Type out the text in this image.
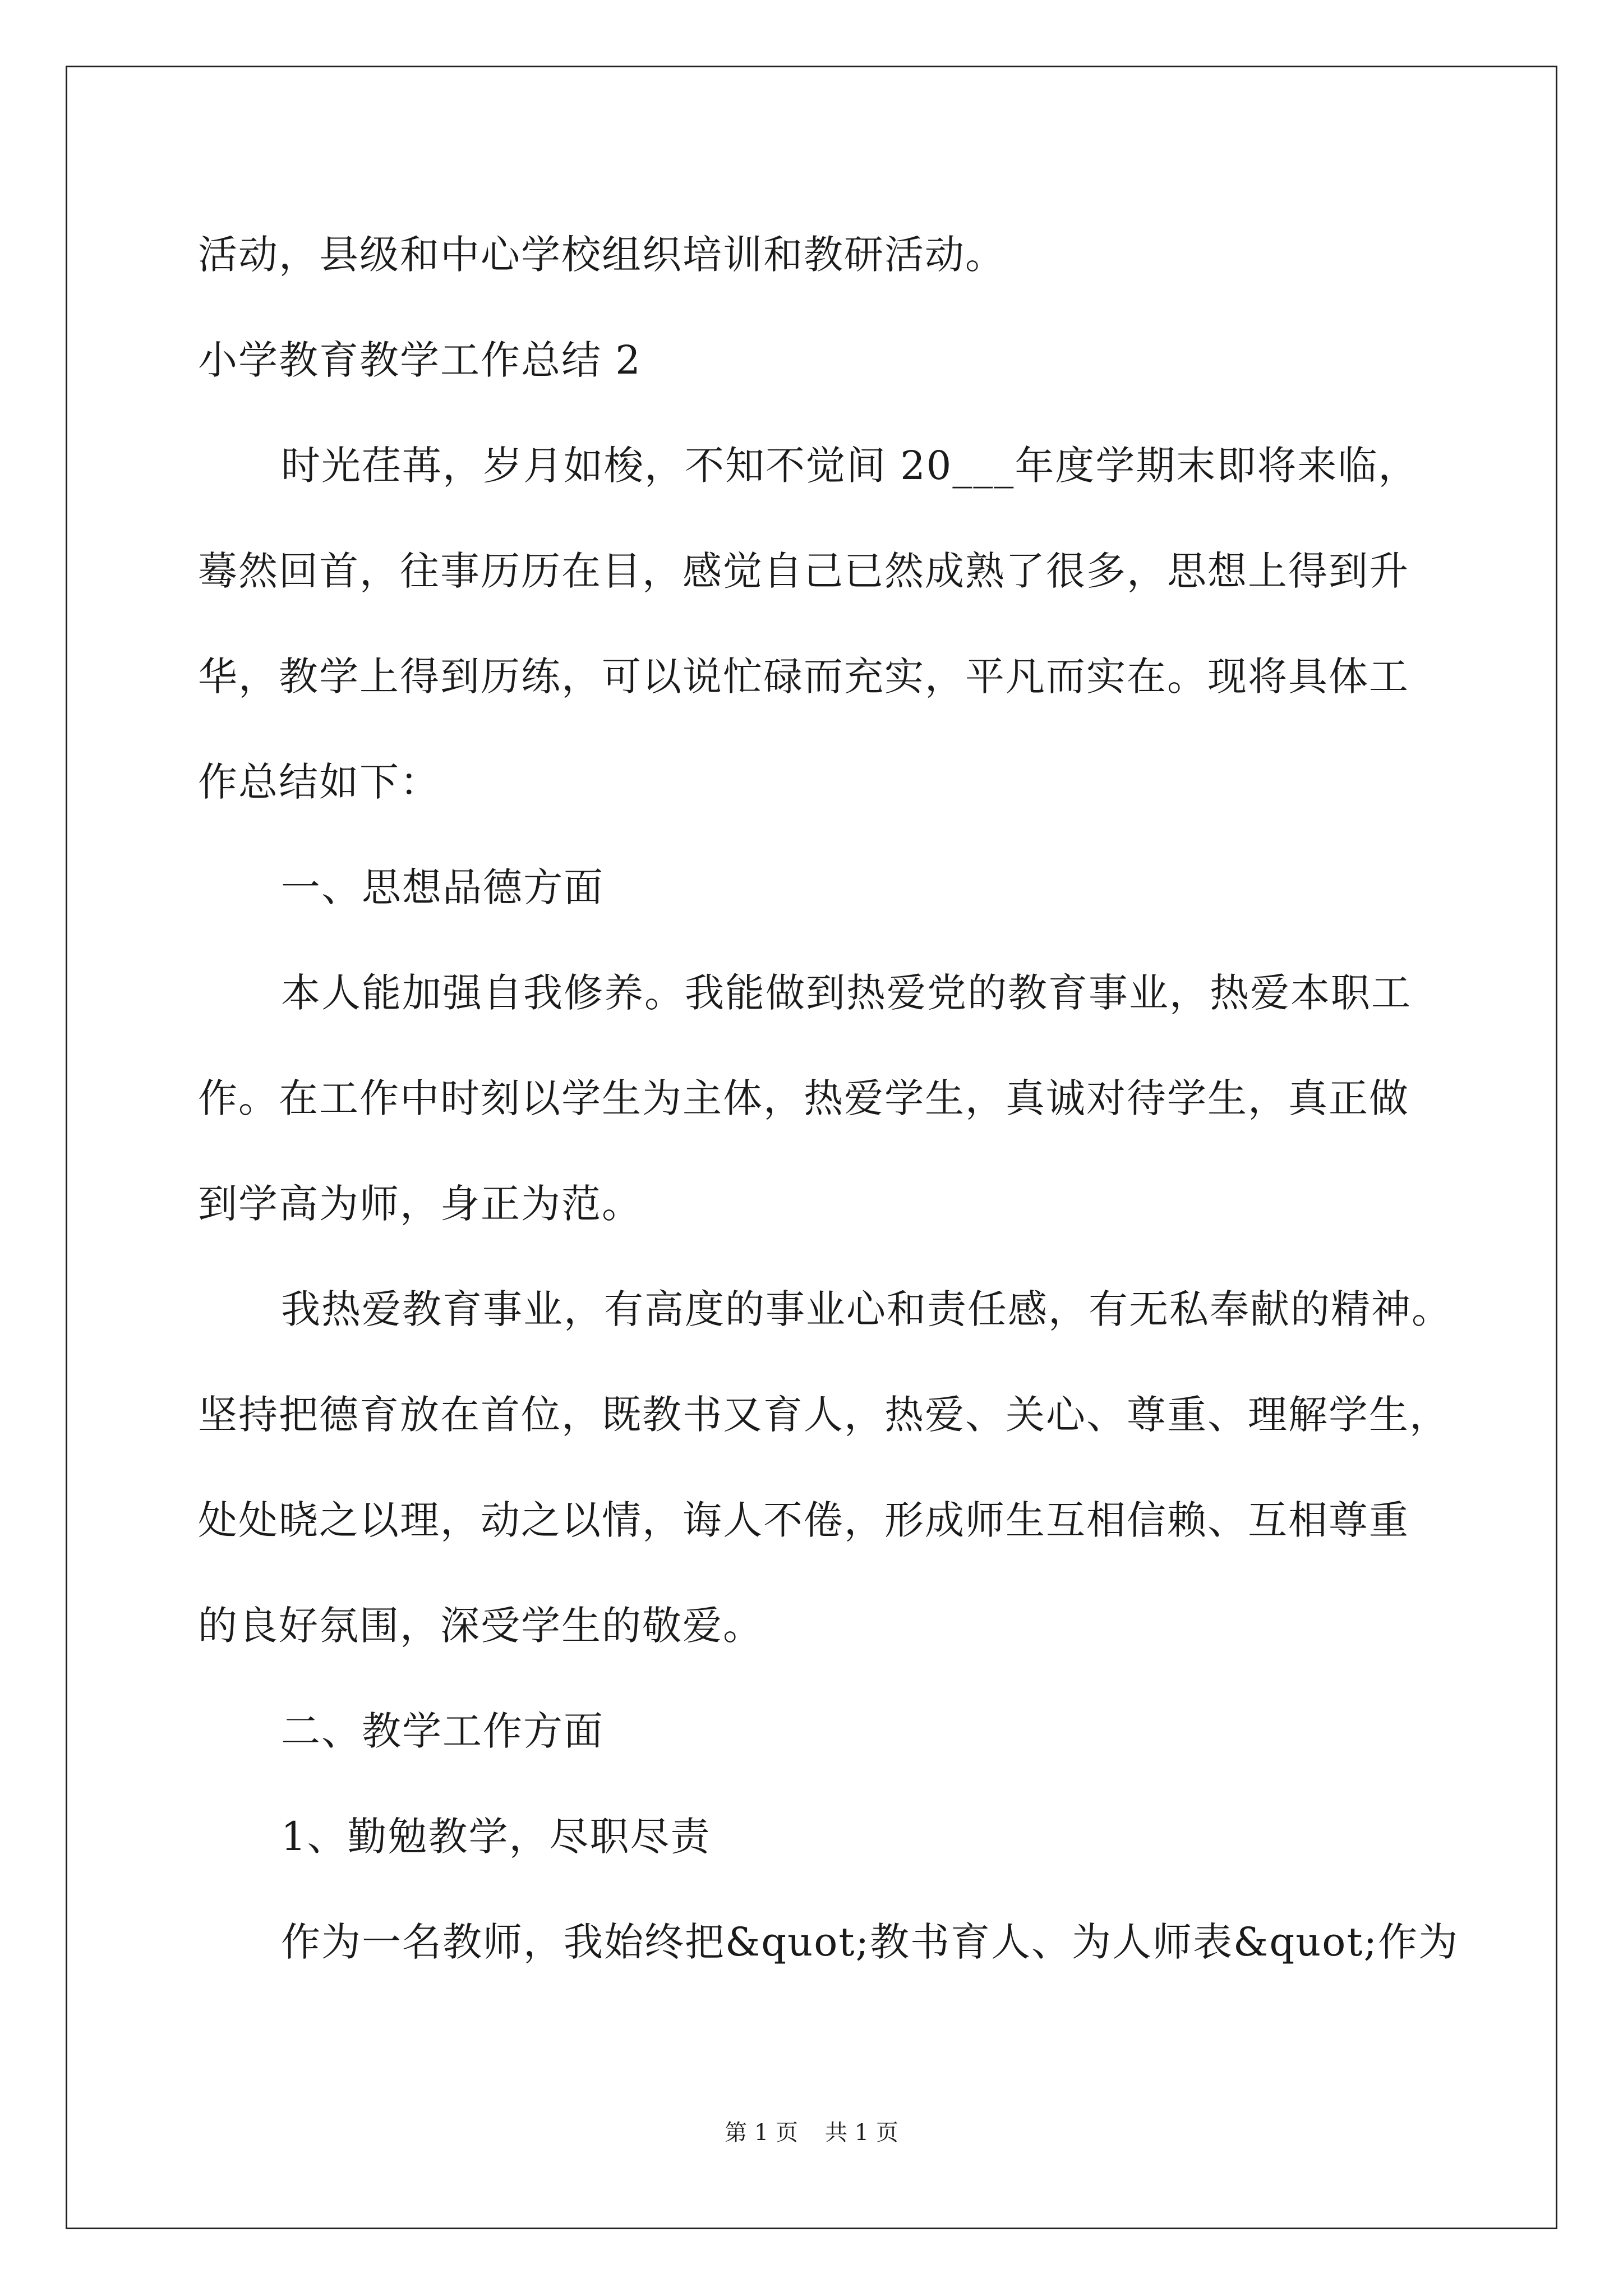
活动，县级和中心学校组织培训和教研活动。
小学教育教学工作总结 2
时光荏苒，岁月如梭，不知不觉间 20___年度学期末即将来临，
蓦然回首，往事历历在目，感觉自己已然成熟了很多，思想上得到升
华，教学上得到历练，可以说忙碌而充实，平凡而实在。现将具体工
作总结如下：
一、思想品德方面
本人能加强自我修养。我能做到热爱党的教育事业，热爱本职工
作。在工作中时刻以学生为主体，热爱学生，真诚对待学生，真正做
到学高为师，身正为范。
我热爱教育事业，有高度的事业心和责任感，有无私奉献的精神。
坚持把德育放在首位，既教书又育人，热爱、关心、尊重、理解学生，
处处晓之以理，动之以情，诲人不倦，形成师生互相信赖、互相尊重
的良好氛围，深受学生的敬爱。
二、教学工作方面
1、勤勉教学，尽职尽责
作为一名教师，我始终把&quot;教书育人、为人师表&quot;作为
第 1 页 共 1 页
